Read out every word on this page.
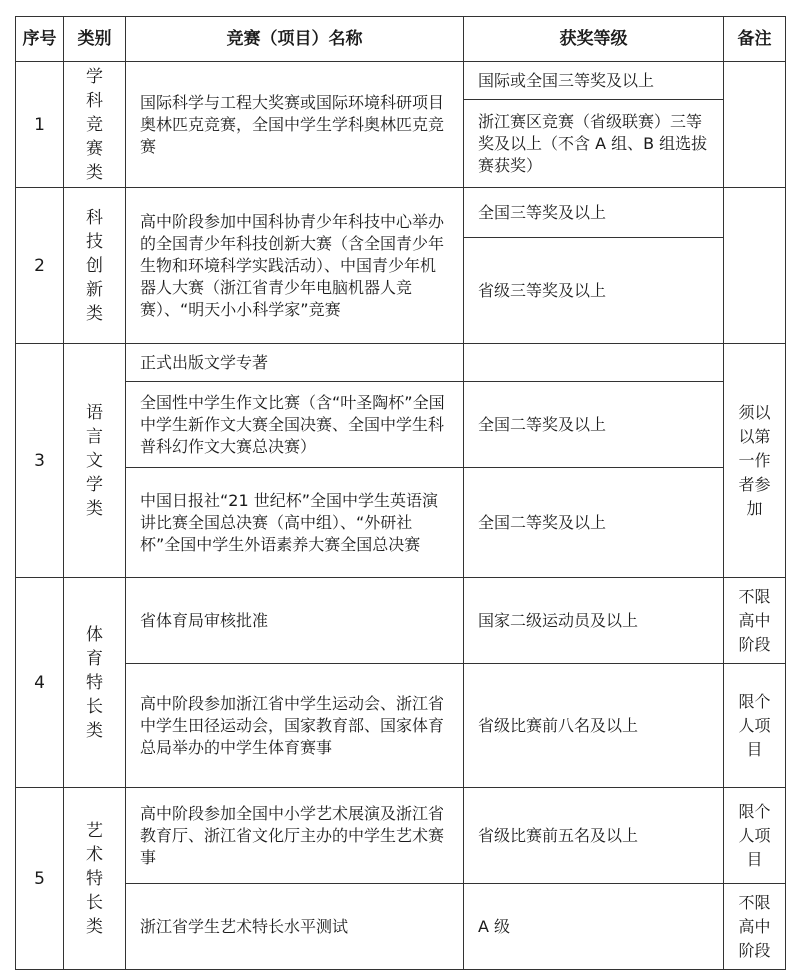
序号	类别	竞赛（项目）名称	获奖等级	备注
1	学科竞赛类	国际科学与工程大奖赛或国际环境科研项目奥林匹克竞赛，全国中学生学科奥林匹克竞赛	国际或全国三等奖及以上	
			浙江赛区竞赛（省级联赛）三等奖及以上（不含 A 组、B 组选拔赛获奖）	
2	科技创新类	高中阶段参加中国科协青少年科技中心举办的全国青少年科技创新大赛（含全国青少年生物和环境科学实践活动）、中国青少年机器人大赛（浙江省青少年电脑机器人竞赛）、“明天小小科学家”竞赛	全国三等奖及以上	
			省级三等奖及以上	
3	语言文学类	正式出版文学专著		须以以第一作者参加
		全国性中学生作文比赛（含“叶圣陶杯”全国中学生新作文大赛全国决赛、全国中学生科普科幻作文大赛总决赛）	全国二等奖及以上	
		中国日报社“21 世纪杯”全国中学生英语演讲比赛全国总决赛（高中组）、“外研社杯”全国中学生外语素养大赛全国总决赛	全国二等奖及以上	
4	体育特长类	省体育局审核批准	国家二级运动员及以上	不限高中阶段
		高中阶段参加浙江省中学生运动会、浙江省中学生田径运动会，国家教育部、国家体育总局举办的中学生体育赛事	省级比赛前八名及以上	限个人项目
5	艺术特长类	高中阶段参加全国中小学艺术展演及浙江省教育厅、浙江省文化厅主办的中学生艺术赛事	省级比赛前五名及以上	限个人项目
		浙江省学生艺术特长水平测试	A 级	不限高中阶段
